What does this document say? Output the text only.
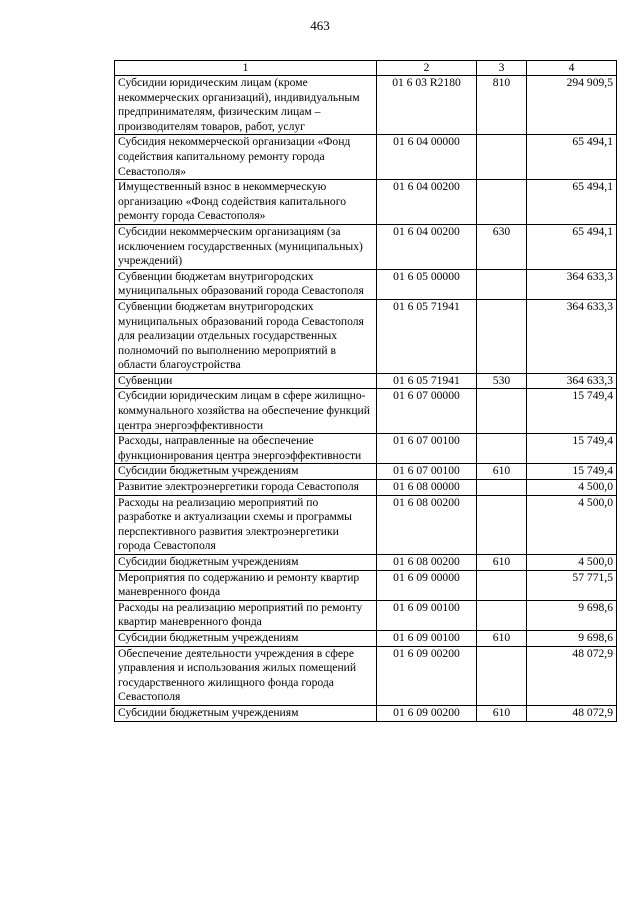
463
1	2	3	4
Субсидии юридическим лицам (кроме некоммерческих организаций), индивидуальным предпринимателям, физическим лицам – производителям товаров, работ, услуг	01 6 03 R2180	810	294 909,5
Субсидия некоммерческой организации «Фонд содействия капитальному ремонту города Севастополя»	01 6 04 00000		65 494,1
Имущественный взнос в некоммерческую организацию «Фонд содействия капитального ремонту города Севастополя»	01 6 04 00200		65 494,1
Субсидии некоммерческим организациям (за исключением государственных (муниципальных) учреждений)	01 6 04 00200	630	65 494,1
Субвенции бюджетам внутригородских муниципальных образований города Севастополя	01 6 05 00000		364 633,3
Субвенции бюджетам внутригородских муниципальных образований города Севастополя для реализации отдельных государственных полномочий по выполнению мероприятий в области благоустройства	01 6 05 71941		364 633,3
Субвенции	01 6 05 71941	530	364 633,3
Субсидии юридическим лицам в сфере жилищно-коммунального хозяйства на обеспечение функций центра энергоэффективности	01 6 07 00000		15 749,4
Расходы, направленные на обеспечение функционирования центра энергоэффективности	01 6 07 00100		15 749,4
Субсидии бюджетным учреждениям	01 6 07 00100	610	15 749,4
Развитие электроэнергетики города Севастополя	01 6 08 00000		4 500,0
Расходы на реализацию мероприятий по разработке и актуализации схемы и программы перспективного развития электроэнергетики города Севастополя	01 6 08 00200		4 500,0
Субсидии бюджетным учреждениям	01 6 08 00200	610	4 500,0
Мероприятия по содержанию и ремонту квартир маневренного фонда	01 6 09 00000		57 771,5
Расходы на реализацию мероприятий по ремонту квартир маневренного фонда	01 6 09 00100		9 698,6
Субсидии бюджетным учреждениям	01 6 09 00100	610	9 698,6
Обеспечение деятельности учреждения в сфере управления и использования жилых помещений государственного жилищного фонда города Севастополя	01 6 09 00200		48 072,9
Субсидии бюджетным учреждениям	01 6 09 00200	610	48 072,9
